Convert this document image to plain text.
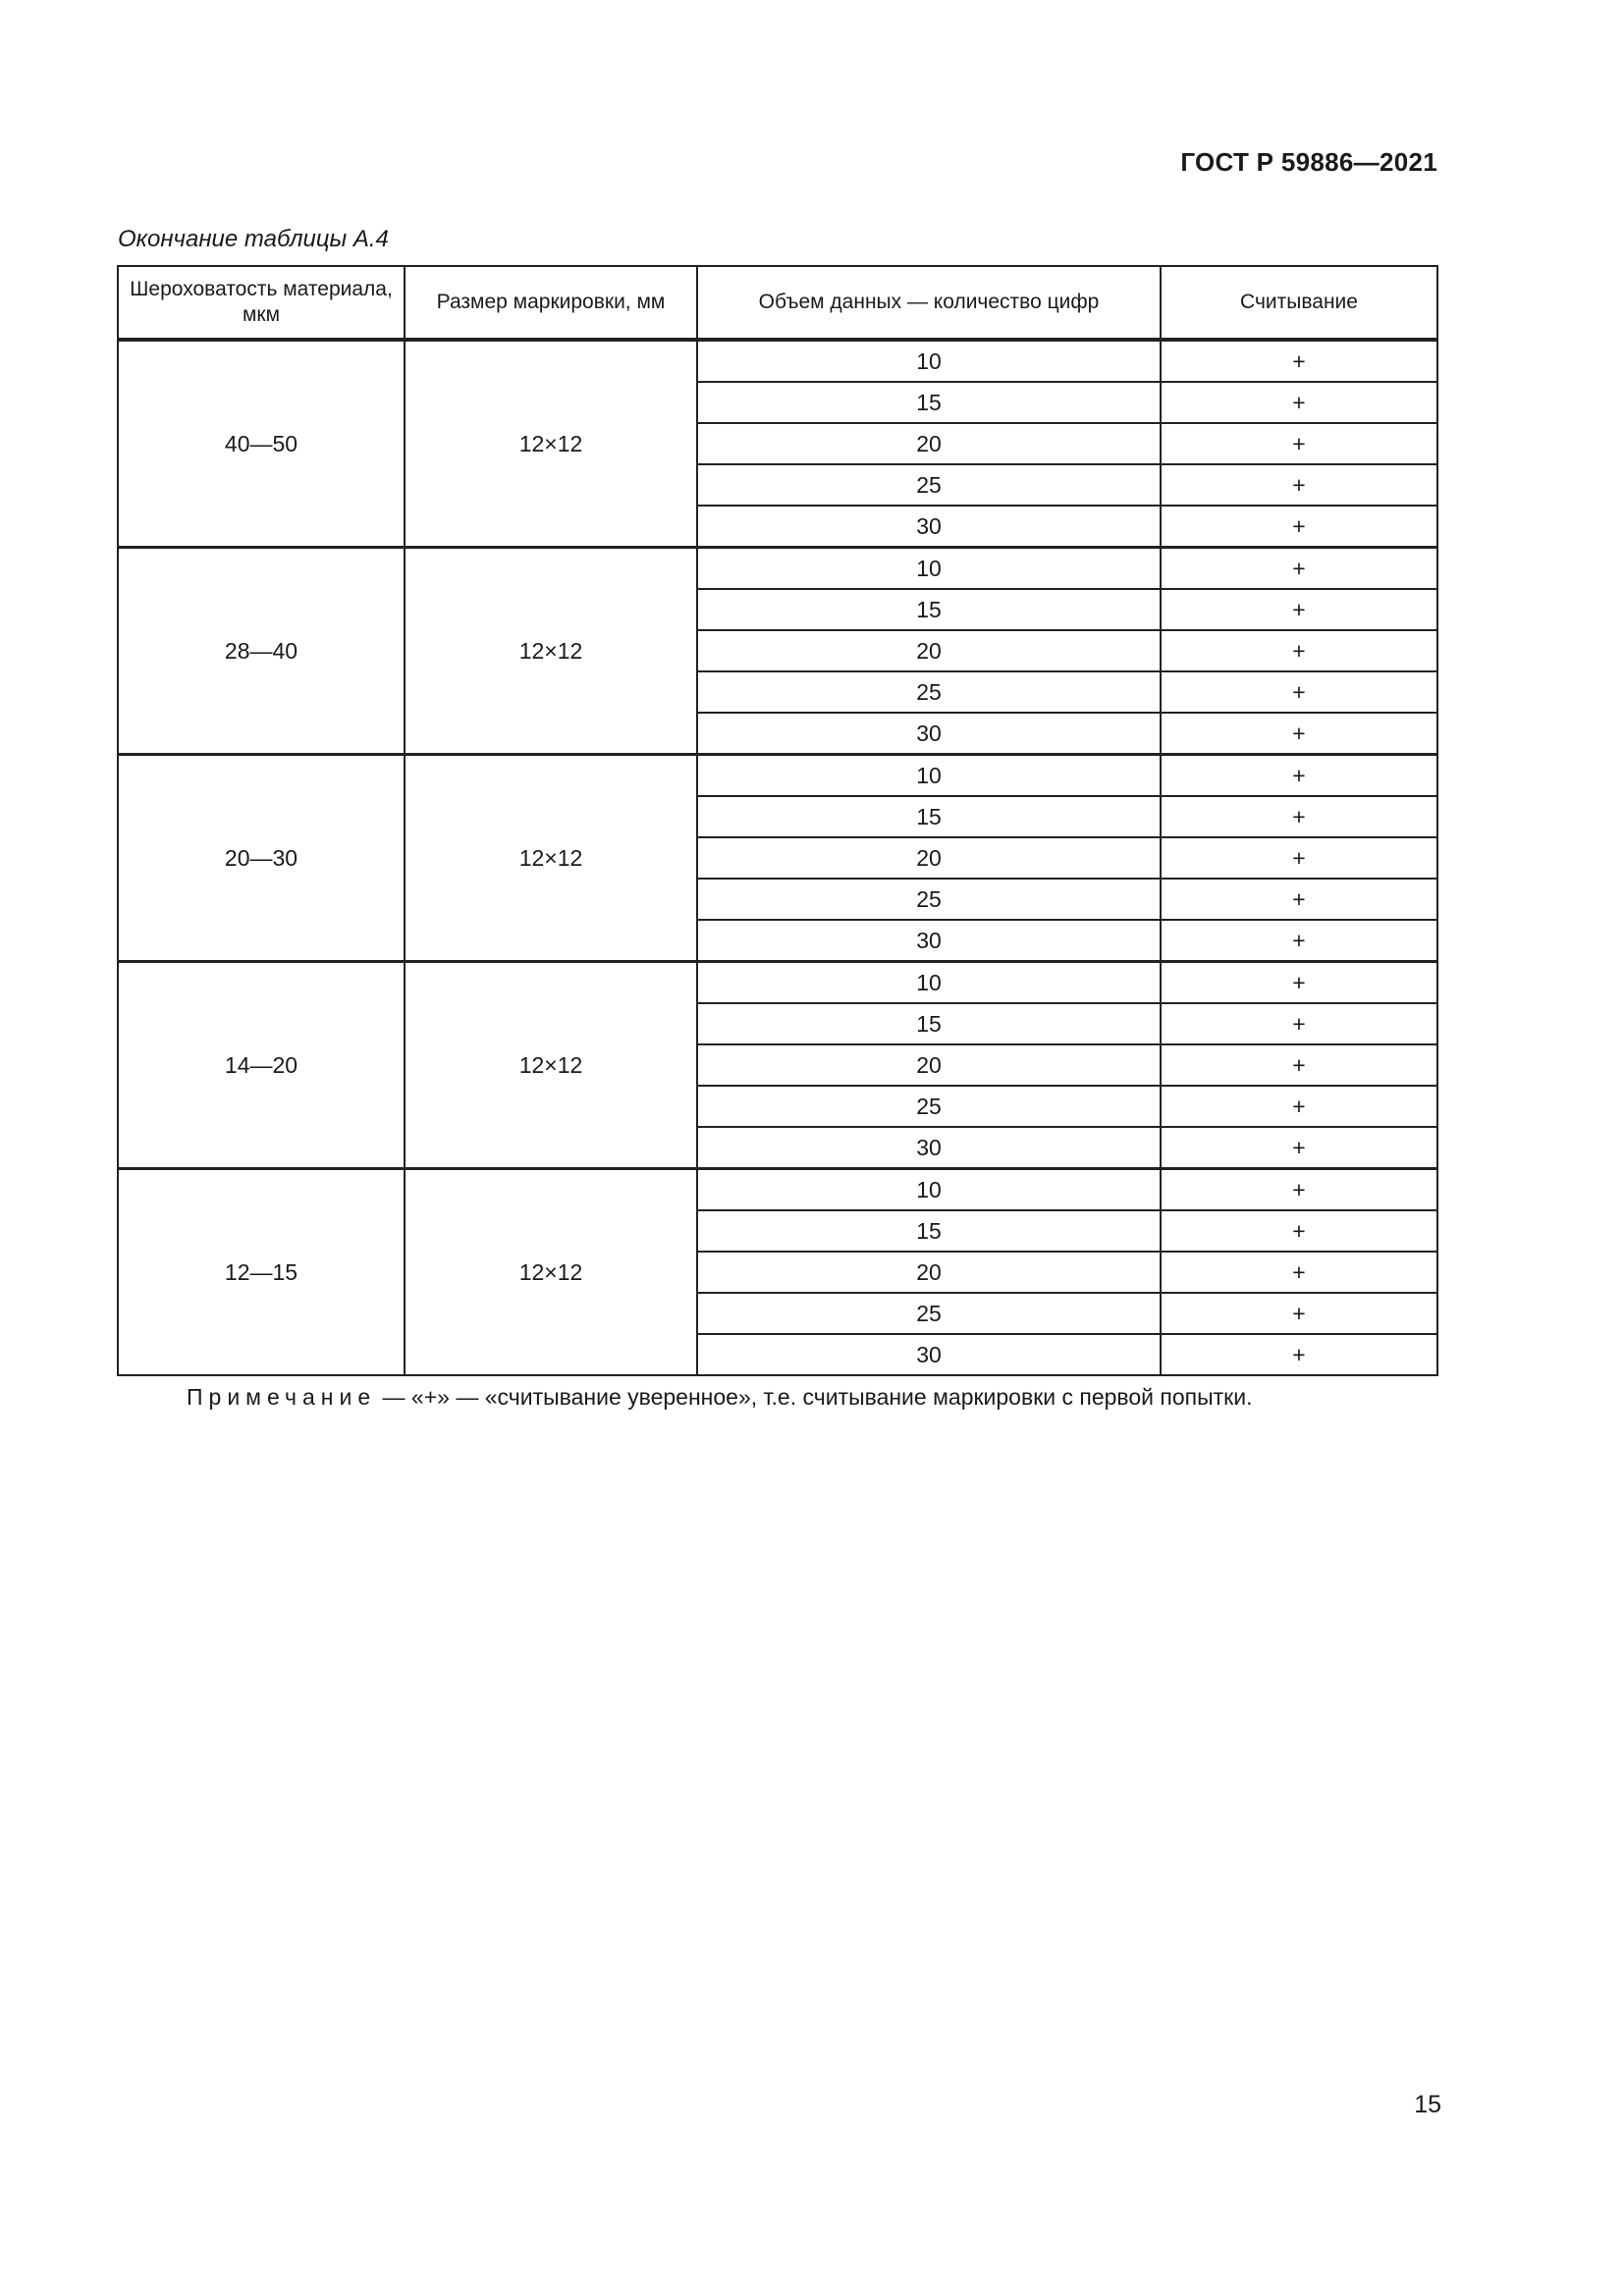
ГОСТ Р 59886—2021
Окончание таблицы А.4
Шероховатость материала, мкм	Размер маркировки, мм	Объем данных — количество цифр	Считывание
40—50	12×12	10	+
		15	+
		20	+
		25	+
		30	+
28—40	12×12	10	+
		15	+
		20	+
		25	+
		30	+
20—30	12×12	10	+
		15	+
		20	+
		25	+
		30	+
14—20	12×12	10	+
		15	+
		20	+
		25	+
		30	+
12—15	12×12	10	+
		15	+
		20	+
		25	+
		30	+
Примечание — «+» — «считывание уверенное», т.е. считывание маркировки с первой попытки.
15
